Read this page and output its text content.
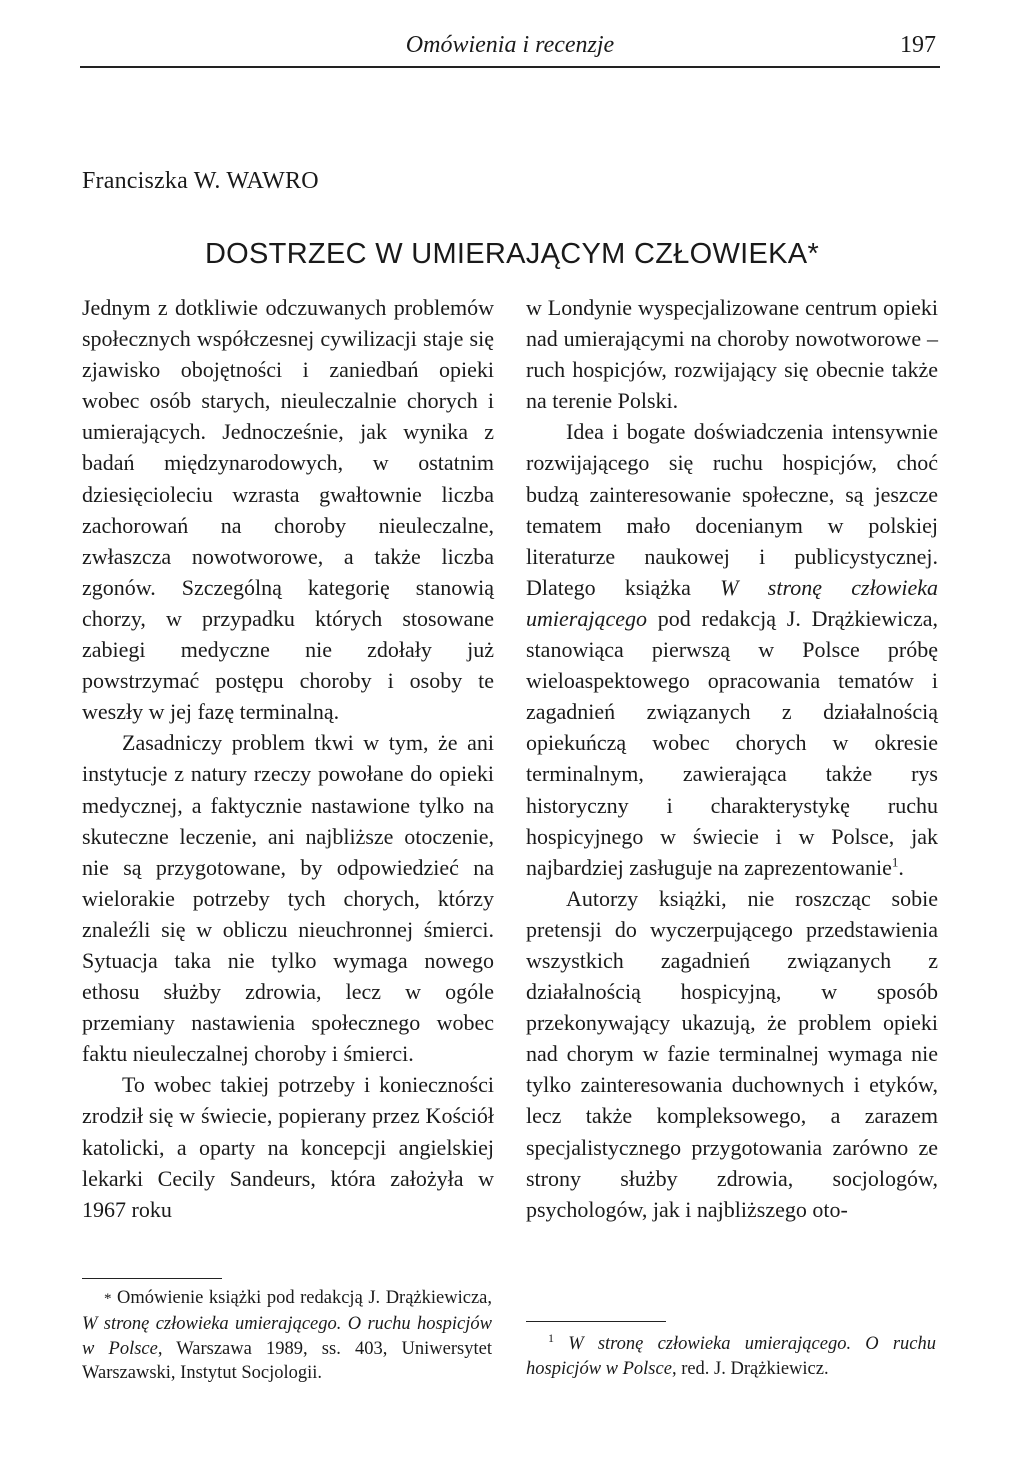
Omówienia i recenzje	197
Franciszka W. WAWRO
DOSTRZEC W UMIERAJĄCYM CZŁOWIEKA*

Jednym z dotkliwie odczuwanych problemów społecznych współczesnej cywilizacji staje się zjawisko obojętności i zaniedbań opieki wobec osób starych, nieuleczalnie chorych i umierających. Jednocześnie, jak wynika z badań międzynarodowych, w ostatnim dziesięcioleciu wzrasta gwałtownie liczba zachorowań na choroby nieuleczalne, zwłaszcza nowotworowe, a także liczba zgonów. Szczególną kategorię stanowią chorzy, w przypadku których stosowane zabiegi medyczne nie zdołały już powstrzymać postępu choroby i osoby te weszły w jej fazę terminalną.

Zasadniczy problem tkwi w tym, że ani instytucje z natury rzeczy powołane do opieki medycznej, a faktycznie nastawione tylko na skuteczne leczenie, ani najbliższe otoczenie, nie są przygotowane, by odpowiedzieć na wielorakie potrzeby tych chorych, którzy znaleźli się w obliczu nieuchronnej śmierci. Sytuacja taka nie tylko wymaga nowego ethosu służby zdrowia, lecz w ogóle przemiany nastawienia społecznego wobec faktu nieuleczalnej choroby i śmierci.

To wobec takiej potrzeby i konieczności zrodził się w świecie, popierany przez Kościół katolicki, a oparty na koncepcji angielskiej lekarki Cecily Sandeurs, która założyła w 1967 roku

w Londynie wyspecjalizowane centrum opieki nad umierającymi na choroby nowotworowe – ruch hospicjów, rozwijający się obecnie także na terenie Polski.

Idea i bogate doświadczenia intensywnie rozwijającego się ruchu hospicjów, choć budzą zainteresowanie społeczne, są jeszcze tematem mało docenianym w polskiej literaturze naukowej i publicystycznej. Dlatego książka W stronę człowieka umierającego pod redakcją J. Drążkiewicza, stanowiąca pierwszą w Polsce próbę wieloaspektowego opracowania tematów i zagadnień związanych z działalnością opiekuńczą wobec chorych w okresie terminalnym, zawierająca także rys historyczny i charakterystykę ruchu hospicyjnego w świecie i w Polsce, jak najbardziej zasługuje na zaprezentowanie$^1$.

Autorzy książki, nie roszcząc sobie pretensji do wyczerpującego przedstawienia wszystkich zagadnień związanych z działalnością hospicyjną, w sposób przekonywający ukazują, że problem opieki nad chorym w fazie terminalnej wymaga nie tylko zainteresowania duchownych i etyków, lecz także kompleksowego, a zarazem specjalistycznego przygotowania zarówno ze strony służby zdrowia, socjologów, psychologów, jak i najbliższego oto-

* Omówienie książki pod redakcją J. Drążkiewicza, W stronę człowieka umierającego. O ruchu hospicjów w Polsce, Warszawa 1989, ss. 403, Uniwersytet Warszawski, Instytut Socjologii.

$^1$ W stronę człowieka umierającego. O ruchu hospicjów w Polsce, red. J. Drążkiewicz.
